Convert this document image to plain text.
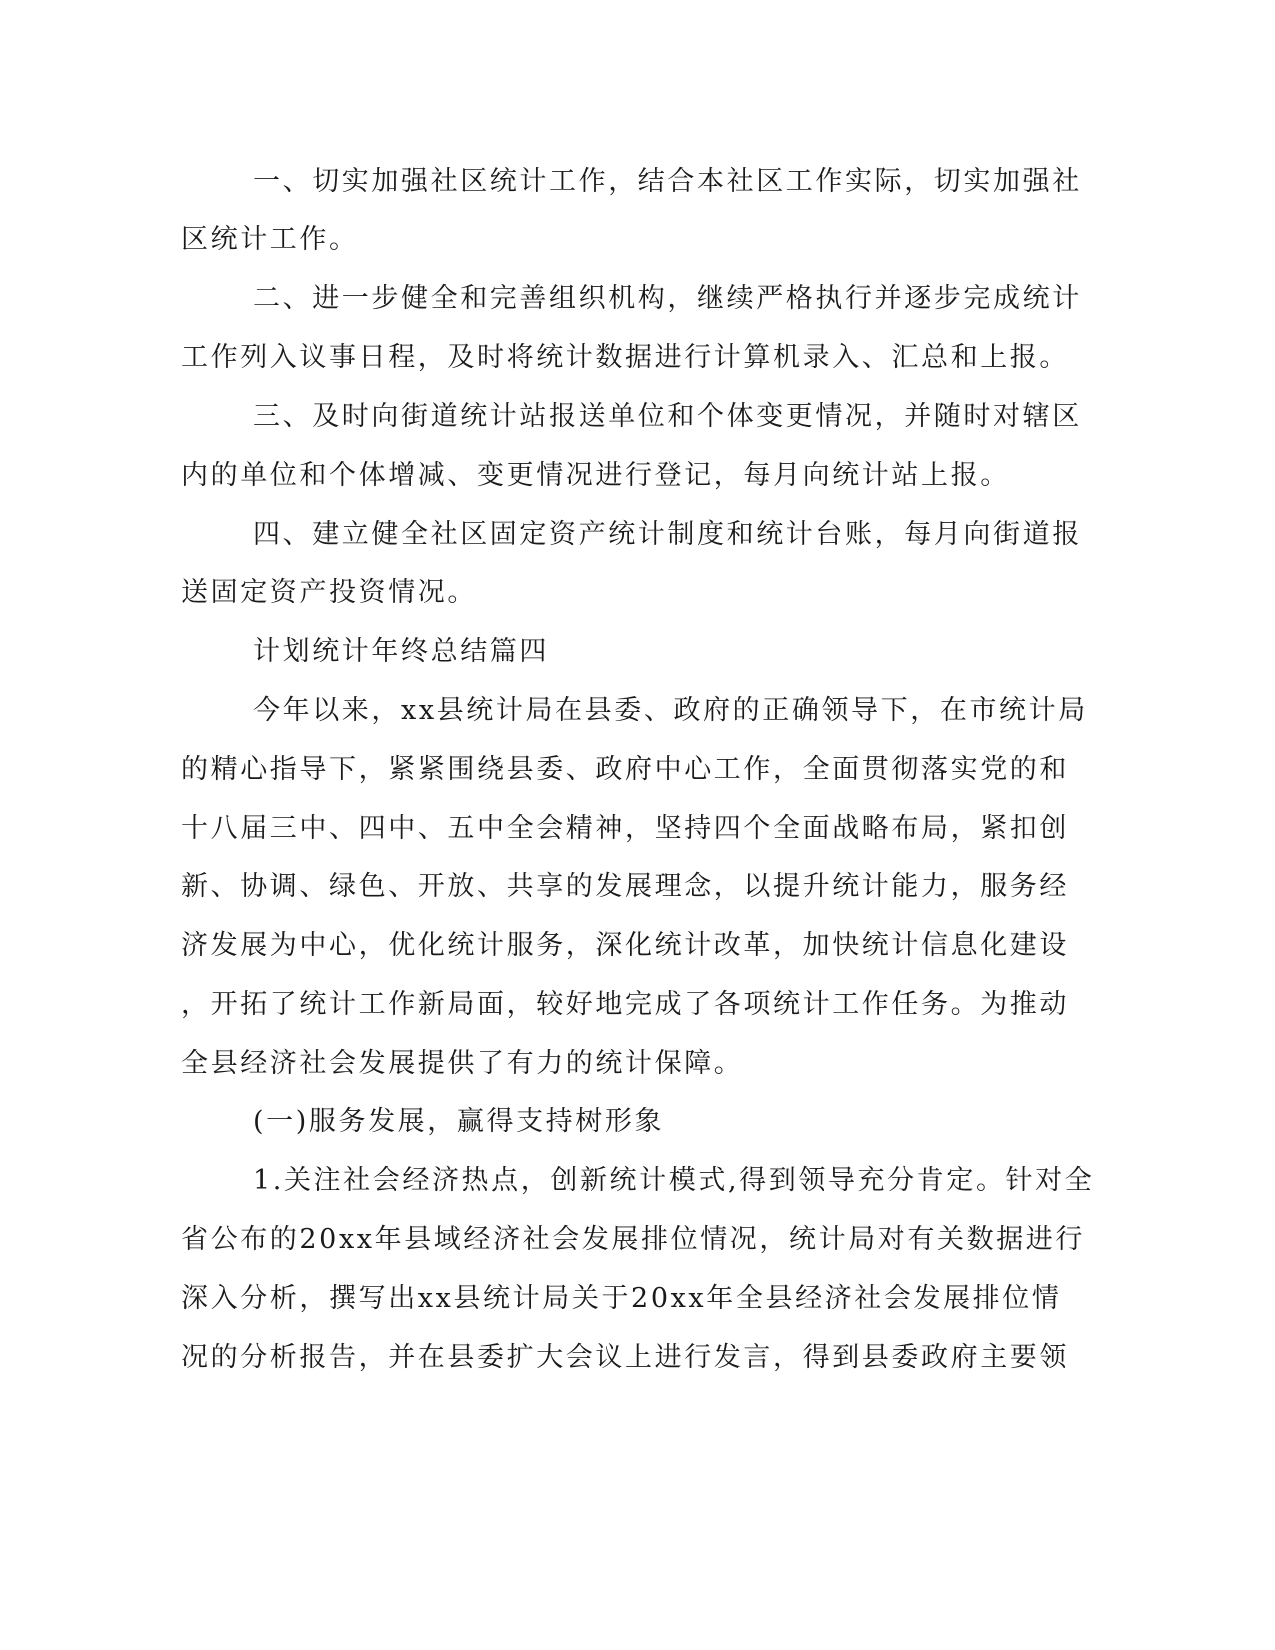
一、切实加强社区统计工作，结合本社区工作实际，切实加强社
区统计工作。
二、进一步健全和完善组织机构，继续严格执行并逐步完成统计
工作列入议事日程，及时将统计数据进行计算机录入、汇总和上报。
三、及时向街道统计站报送单位和个体变更情况，并随时对辖区
内的单位和个体增减、变更情况进行登记，每月向统计站上报。
四、建立健全社区固定资产统计制度和统计台账，每月向街道报
送固定资产投资情况。
计划统计年终总结篇四
今年以来，xx县统计局在县委、政府的正确领导下，在市统计局
的精心指导下，紧紧围绕县委、政府中心工作，全面贯彻落实党的和
十八届三中、四中、五中全会精神，坚持四个全面战略布局，紧扣创
新、协调、绿色、开放、共享的发展理念，以提升统计能力，服务经
济发展为中心，优化统计服务，深化统计改革，加快统计信息化建设
，开拓了统计工作新局面，较好地完成了各项统计工作任务。为推动
全县经济社会发展提供了有力的统计保障。
(一)服务发展，赢得支持树形象
1.关注社会经济热点，创新统计模式,得到领导充分肯定。针对全
省公布的20xx年县域经济社会发展排位情况，统计局对有关数据进行
深入分析，撰写出xx县统计局关于20xx年全县经济社会发展排位情
况的分析报告，并在县委扩大会议上进行发言，得到县委政府主要领
